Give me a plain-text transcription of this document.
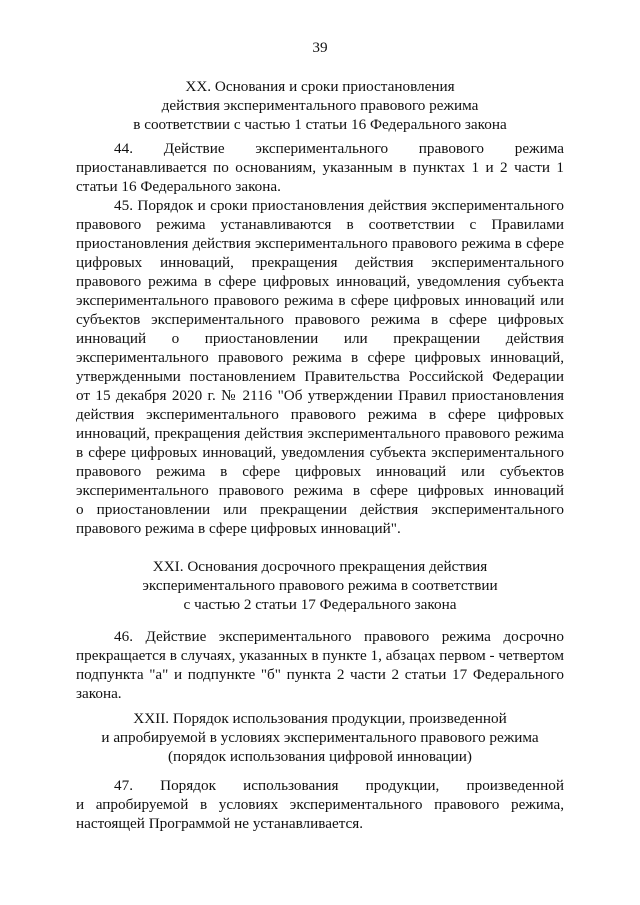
39
XX. Основания и сроки приостановления
действия экспериментального правового режима
в соответствии с частью 1 статьи 16 Федерального закона
44. Действие экспериментального правового режима
приостанавливается по основаниям, указанным в пунктах 1 и 2 части 1
статьи 16 Федерального закона.
45. Порядок и сроки приостановления действия экспериментального
правового режима устанавливаются в соответствии с Правилами
приостановления действия экспериментального правового режима в сфере
цифровых инноваций, прекращения действия экспериментального
правового режима в сфере цифровых инноваций, уведомления субъекта
экспериментального правового режима в сфере цифровых инноваций или
субъектов экспериментального правового режима в сфере цифровых
инноваций о приостановлении или прекращении действия
экспериментального правового режима в сфере цифровых инноваций,
утвержденными постановлением Правительства Российской Федерации
от 15 декабря 2020 г. № 2116 "Об утверждении Правил приостановления
действия экспериментального правового режима в сфере цифровых
инноваций, прекращения действия экспериментального правового режима
в сфере цифровых инноваций, уведомления субъекта экспериментального
правового режима в сфере цифровых инноваций или субъектов
экспериментального правового режима в сфере цифровых инноваций
о приостановлении или прекращении действия экспериментального
правового режима в сфере цифровых инноваций".
XXI. Основания досрочного прекращения действия
экспериментального правового режима в соответствии
с частью 2 статьи 17 Федерального закона
46. Действие экспериментального правового режима досрочно
прекращается в случаях, указанных в пункте 1, абзацах первом - четвертом
подпункта "а" и подпункте "б" пункта 2 части 2 статьи 17 Федерального
закона.
XXII. Порядок использования продукции, произведенной
и апробируемой в условиях экспериментального правового режима
(порядок использования цифровой инновации)
47. Порядок использования продукции, произведенной
и апробируемой в условиях экспериментального правового режима,
настоящей Программой не устанавливается.
